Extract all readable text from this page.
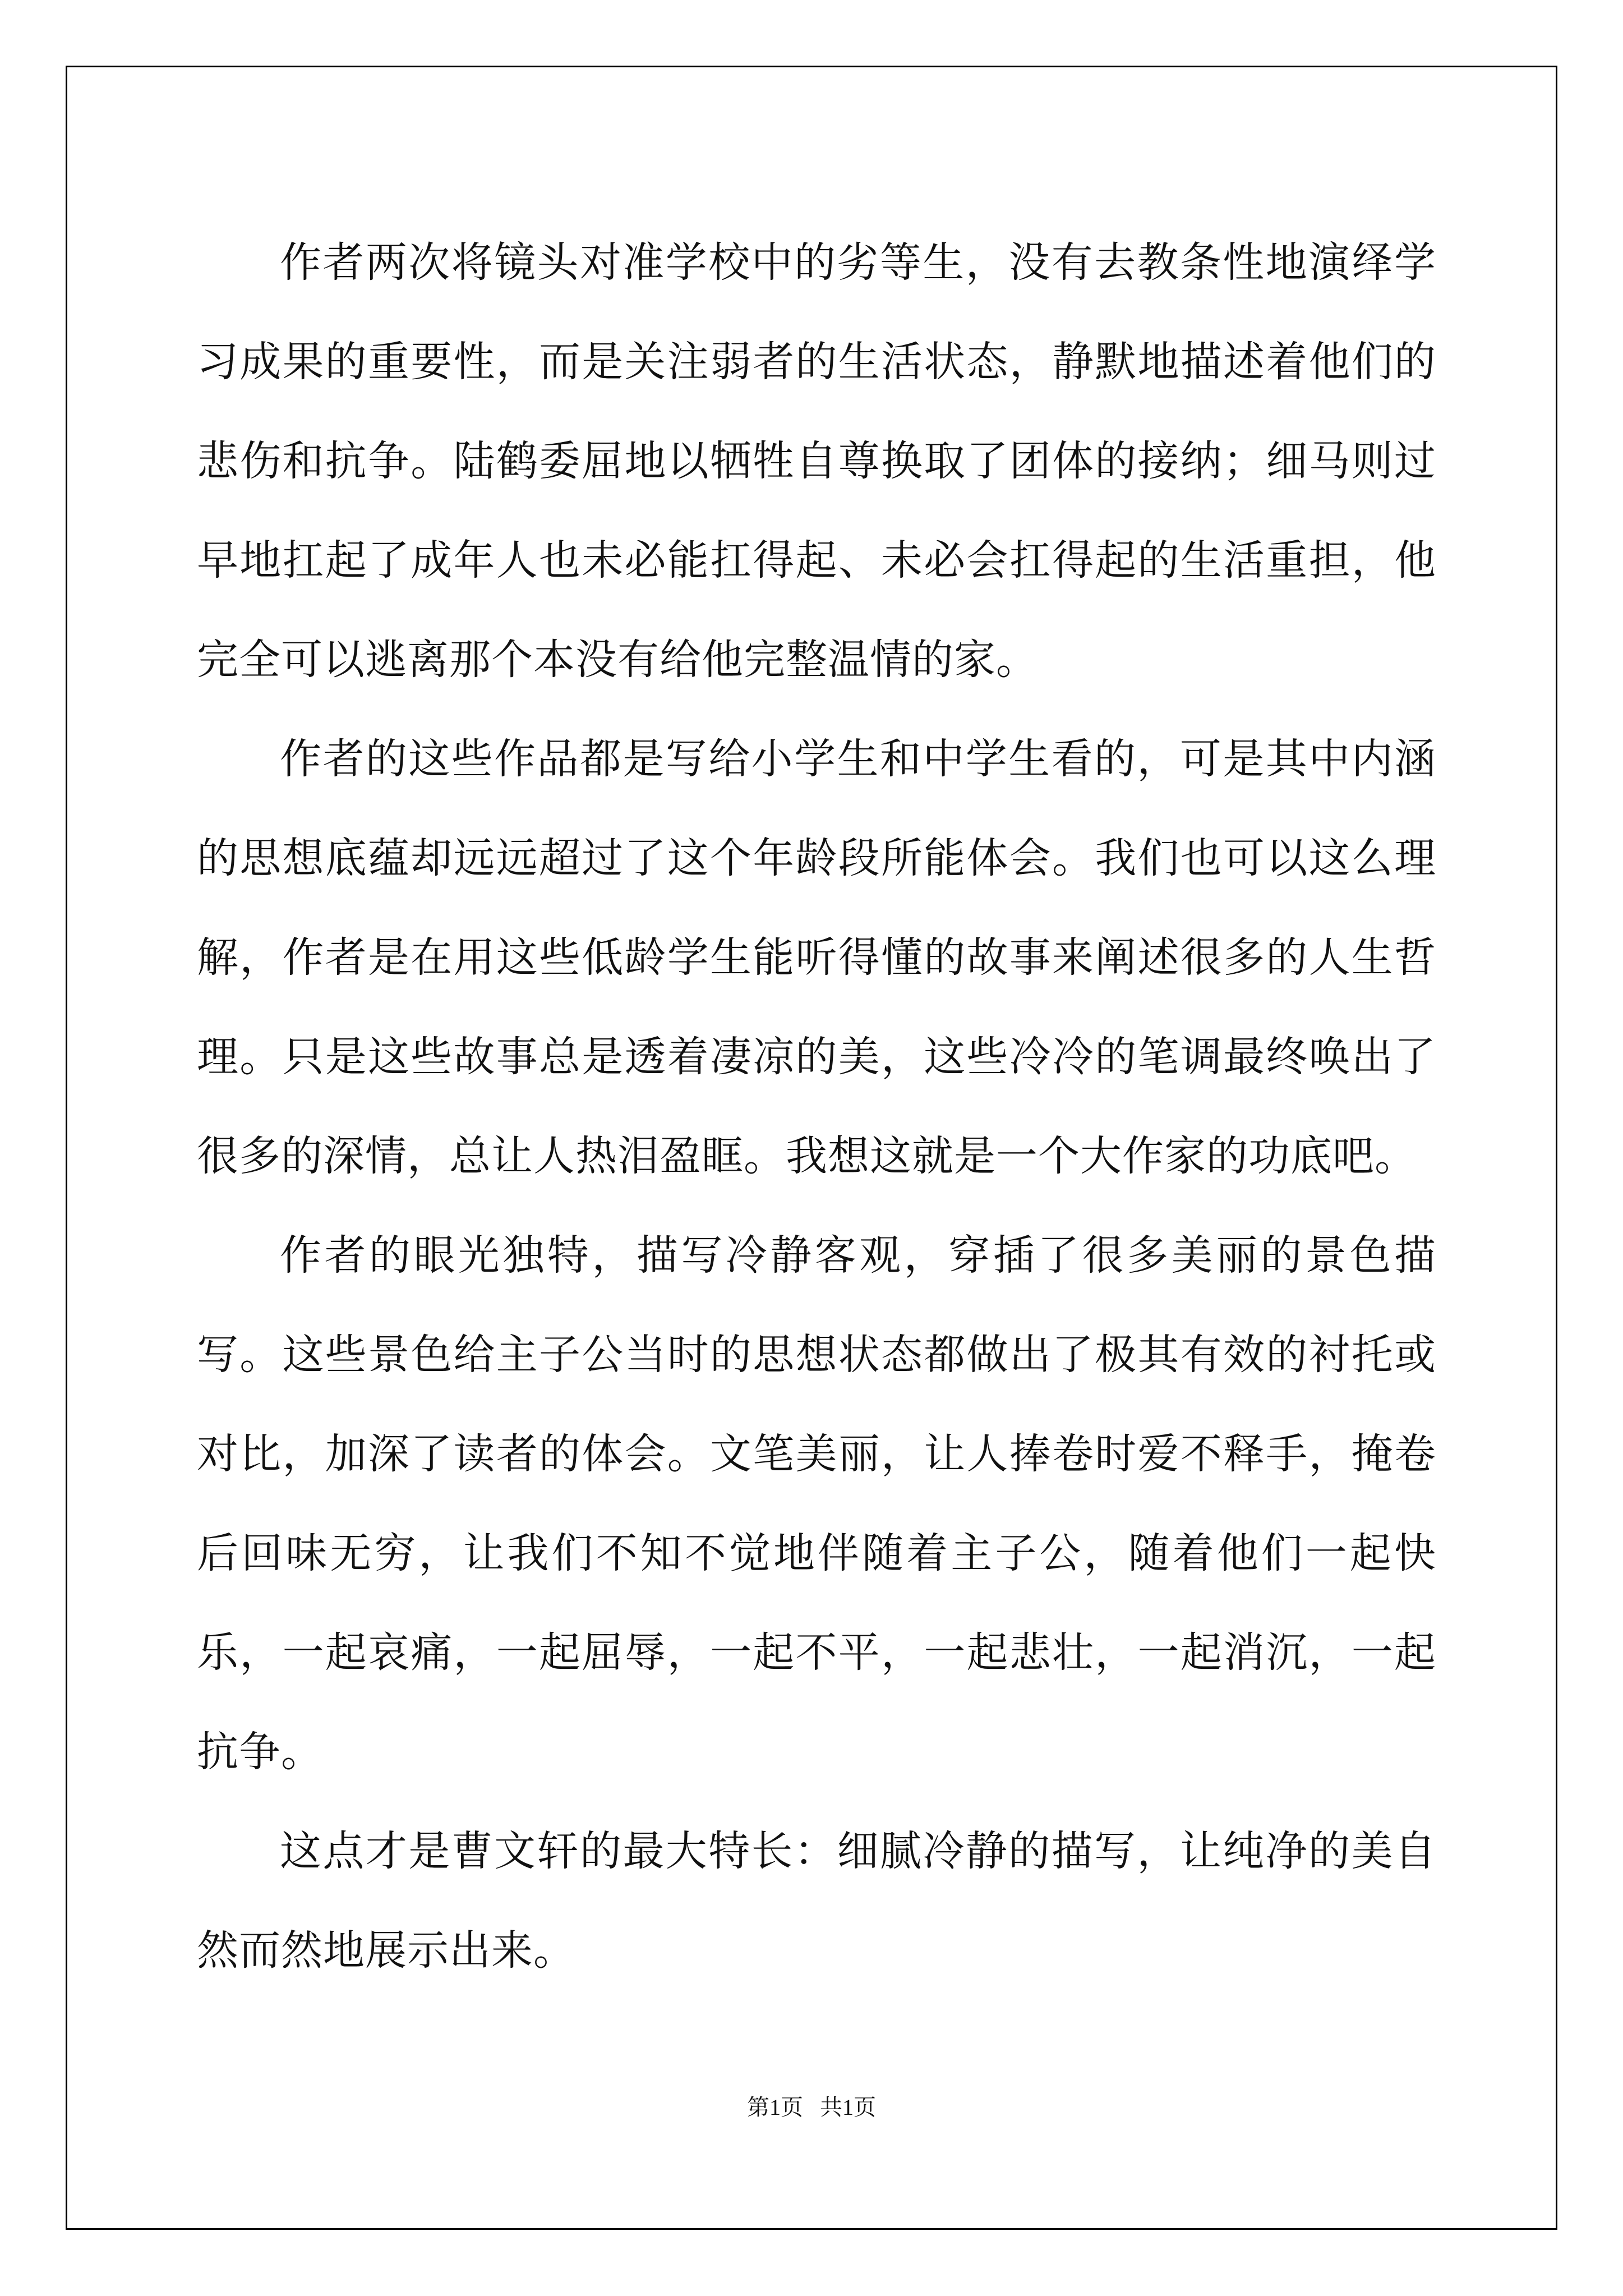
作者两次将镜头对准学校中的劣等生，没有去教条性地演绎学习成果的重要性，而是关注弱者的生活状态，静默地描述着他们的悲伤和抗争。陆鹤委屈地以牺牲自尊换取了团体的接纳；细马则过早地扛起了成年人也未必能扛得起、未必会扛得起的生活重担，他完全可以逃离那个本没有给他完整温情的家。

作者的这些作品都是写给小学生和中学生看的，可是其中内涵的思想底蕴却远远超过了这个年龄段所能体会。我们也可以这么理解，作者是在用这些低龄学生能听得懂的故事来阐述很多的人生哲理。只是这些故事总是透着凄凉的美，这些冷冷的笔调最终唤出了很多的深情，总让人热泪盈眶。我想这就是一个大作家的功底吧。

作者的眼光独特，描写冷静客观，穿插了很多美丽的景色描写。这些景色给主子公当时的思想状态都做出了极其有效的衬托或对比，加深了读者的体会。文笔美丽，让人捧卷时爱不释手，掩卷后回味无穷，让我们不知不觉地伴随着主子公，随着他们一起快乐，一起哀痛，一起屈辱，一起不平，一起悲壮，一起消沉，一起抗争。

这点才是曹文轩的最大特长：细腻冷静的描写，让纯净的美自然而然地展示出来。

第1页   共1页
